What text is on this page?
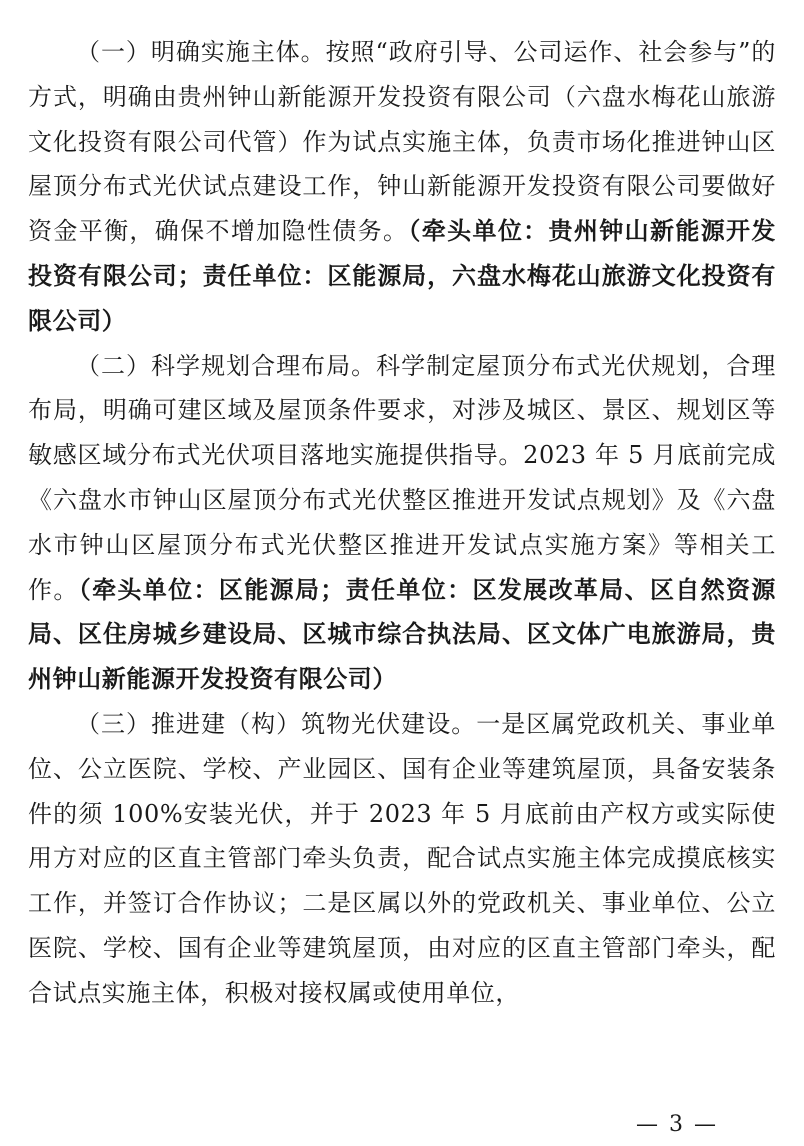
（一）明确实施主体。按照“政府引导、公司运作、社会参与”的方式，明确由贵州钟山新能源开发投资有限公司（六盘水梅花山旅游文化投资有限公司代管）作为试点实施主体，负责市场化推进钟山区屋顶分布式光伏试点建设工作，钟山新能源开发投资有限公司要做好资金平衡，确保不增加隐性债务。（牵头单位：贵州钟山新能源开发投资有限公司；责任单位：区能源局，六盘水梅花山旅游文化投资有限公司）

（二）科学规划合理布局。科学制定屋顶分布式光伏规划，合理布局，明确可建区域及屋顶条件要求，对涉及城区、景区、规划区等敏感区域分布式光伏项目落地实施提供指导。2023 年 5 月底前完成《六盘水市钟山区屋顶分布式光伏整区推进开发试点规划》及《六盘水市钟山区屋顶分布式光伏整区推进开发试点实施方案》等相关工作。（牵头单位：区能源局；责任单位：区发展改革局、区自然资源局、区住房城乡建设局、区城市综合执法局、区文体广电旅游局，贵州钟山新能源开发投资有限公司）

（三）推进建（构）筑物光伏建设。一是区属党政机关、事业单位、公立医院、学校、产业园区、国有企业等建筑屋顶，具备安装条件的须 100%安装光伏，并于 2023 年 5 月底前由产权方或实际使用方对应的区直主管部门牵头负责，配合试点实施主体完成摸底核实工作，并签订合作协议；二是区属以外的党政机关、事业单位、公立医院、学校、国有企业等建筑屋顶，由对应的区直主管部门牵头，配合试点实施主体，积极对接权属或使用单位，

— 3 —
